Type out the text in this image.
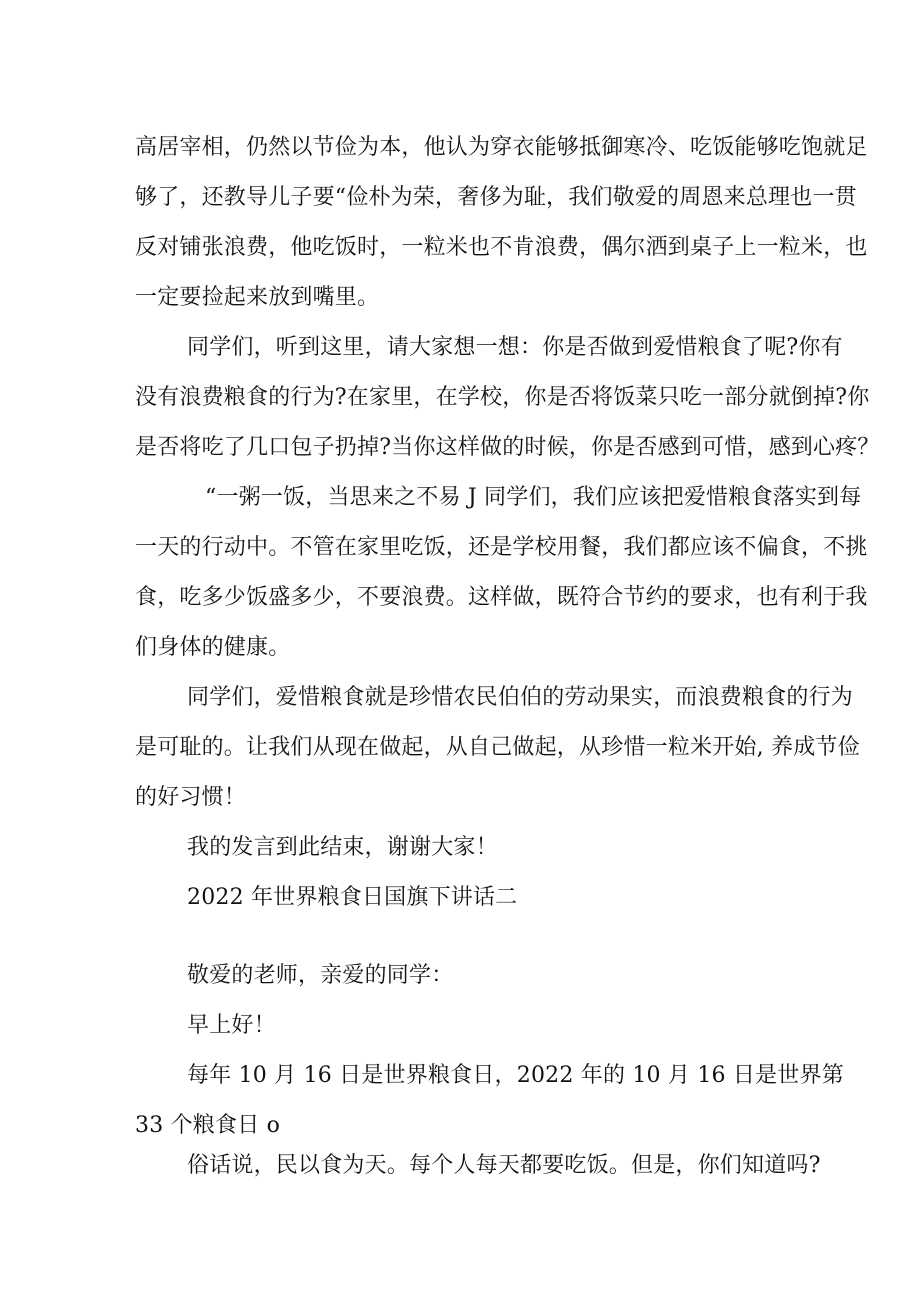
高居宰相，仍然以节俭为本，他认为穿衣能够抵御寒冷、吃饭能够吃饱就足
够了，还教导儿子要“俭朴为荣，奢侈为耻，我们敬爱的周恩来总理也一贯
反对铺张浪费，他吃饭时，一粒米也不肯浪费，偶尔洒到桌子上一粒米，也
一定要捡起来放到嘴里。
同学们，听到这里，请大家想一想：你是否做到爱惜粮食了呢?你有
没有浪费粮食的行为?在家里，在学校，你是否将饭菜只吃一部分就倒掉?你
是否将吃了几口包子扔掉?当你这样做的时候，你是否感到可惜，感到心疼？
“一粥一饭，当思来之不易 J 同学们，我们应该把爱惜粮食落实到每
一天的行动中。不管在家里吃饭，还是学校用餐，我们都应该不偏食，不挑
食，吃多少饭盛多少，不要浪费。这样做，既符合节约的要求，也有利于我
们身体的健康。
同学们，爱惜粮食就是珍惜农民伯伯的劳动果实，而浪费粮食的行为
是可耻的。让我们从现在做起，从自己做起，从珍惜一粒米开始, 养成节俭
的好习惯！
我的发言到此结束，谢谢大家！
2022 年世界粮食日国旗下讲话二
敬爱的老师，亲爱的同学：
早上好！
每年 10 月 16 日是世界粮食日，2022 年的 10 月 16 日是世界第
33 个粮食日 o
俗话说，民以食为天。每个人每天都要吃饭。但是，你们知道吗?
